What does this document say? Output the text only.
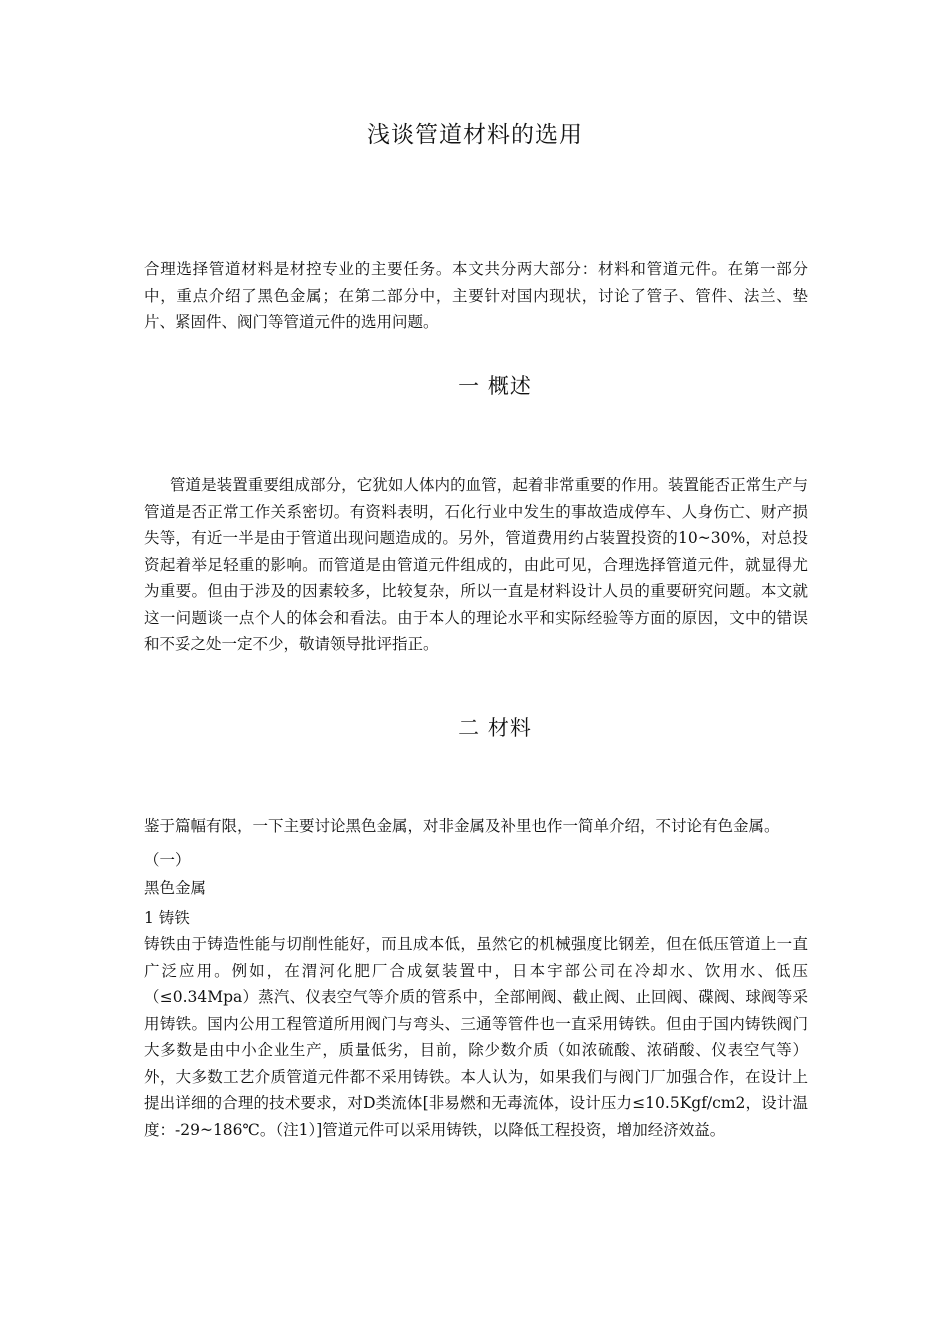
浅谈管道材料的选用

合理选择管道材料是材控专业的主要任务。本文共分两大部分：材料和管道元件。在第一部分中，重点介绍了黑色金属；在第二部分中，主要针对国内现状，讨论了管子、管件、法兰、垫片、紧固件、阀门等管道元件的选用问题。

一 概述

管道是装置重要组成部分，它犹如人体内的血管，起着非常重要的作用。装置能否正常生产与管道是否正常工作关系密切。有资料表明，石化行业中发生的事故造成停车、人身伤亡、财产损失等，有近一半是由于管道出现问题造成的。另外，管道费用约占装置投资的10~30%，对总投资起着举足轻重的影响。而管道是由管道元件组成的，由此可见，合理选择管道元件，就显得尤为重要。但由于涉及的因素较多，比较复杂，所以一直是材料设计人员的重要研究问题。本文就这一问题谈一点个人的体会和看法。由于本人的理论水平和实际经验等方面的原因，文中的错误和不妥之处一定不少，敬请领导批评指正。

二 材料

鉴于篇幅有限，一下主要讨论黑色金属，对非金属及补里也作一简单介绍，不讨论有色金属。

（一）

黑色金属

1 铸铁

铸铁由于铸造性能与切削性能好，而且成本低，虽然它的机械强度比钢差，但在低压管道上一直广泛应用。例如，在渭河化肥厂合成氨装置中，日本宇部公司在冷却水、饮用水、低压（≤0.34Mpa）蒸汽、仪表空气等介质的管系中，全部闸阀、截止阀、止回阀、碟阀、球阀等采用铸铁。国内公用工程管道所用阀门与弯头、三通等管件也一直采用铸铁。但由于国内铸铁阀门大多数是由中小企业生产，质量低劣，目前，除少数介质（如浓硫酸、浓硝酸、仪表空气等）外，大多数工艺介质管道元件都不采用铸铁。本人认为，如果我们与阀门厂加强合作，在设计上提出详细的合理的技术要求，对D类流体[非易燃和无毒流体，设计压力≤10.5Kgf/cm2，设计温度：-29~186℃。（注1）]管道元件可以采用铸铁，以降低工程投资，增加经济效益。
